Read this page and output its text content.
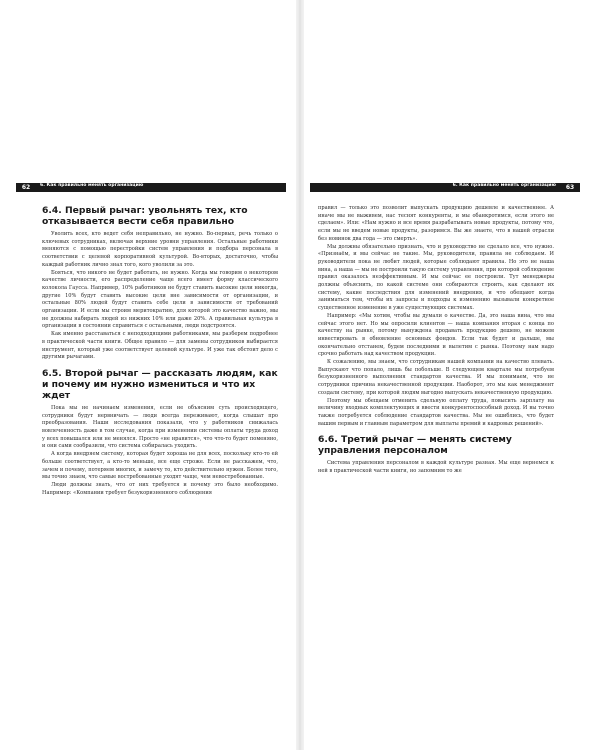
62	6. Как правильно менять организацию
6.4. Первый рычаг: увольнять тех, кто отказывается вести себя правильно

Уволить всех, кто ведет себя неправильно, не нужно. Во-первых, речь только о ключевых сотрудниках, включая верхние уровни управления. Остальные работники меняются с помощью перестройки систем управления и подбора персонала в соответствии с целевой корпоративной культурой. Во-вторых, достаточно, чтобы каждый работник лично знал того, кого уволили за это.

Бояться, что никого не будет работать, не нужно. Когда мы говорим о некотором качестве личности, его распределение чаще всего имеет форму классического колокола Гаусса. Например, 10% работников не будут ставить высокие цели никогда, другие 10% будут ставить высокие цели вне зависимости от организации, и остальные 80% людей будут ставить себе цели в зависимости от требований организации. И если мы строим меритократию, для которой это качество важно, мы не должны набирать людей из нижних 10% или даже 20%. А правильная культура в организации в состоянии справиться с остальными, люди подстроятся.

Как именно расставаться с неподходящими работниками, мы разберем подробнее в практической части книги. Общее правило — для замены сотрудников выбирается инструмент, который уже соответствует целевой культуре. И уже так обстоит дело с другими рычагами.

6.5. Второй рычаг — рассказать людям, как и почему им нужно измениться и что их ждет

Пока мы не начинаем изменения, если не объясним суть происходящего, сотрудники будут нервничать — люди всегда переживают, когда слышат про преобразования. Наши исследования показали, что у работников снижалась вовлеченность даже в том случае, когда при изменении системы оплаты труда доход у всех повышался или не менялся. Просто «не нравится», что что-то будет поменяно, и они сами сообразили, что система собиралась уходить.

А когда внедряем систему, которая будет хороша не для всех, поскольку кто-то ей больше соответствует, а кто-то меньше, все еще строже. Если не расскажем, что, зачем и почему, потеряем многих, и замечу то, кто действительно нужен. Более того, мы точно знаем, что самые востребованные уходят чаще, чем невостребованные.

Люди должны знать, что от них требуется и почему это было необходимо. Например: «Компании требует безукоризненного соблюдения

63
6. Как правильно менять организацию

правил — только это позволит выпускать продукцию дешевле и качественнее. А иначе мы не выживем, нас теснят конкуренты, и мы обанкротимся, если этого не сделаем». Или: «Нам нужно и все время разрабатывать новые продукты, потому что, если мы не введем новые продукты, разоримся. Вы же знаете, что в нашей отрасли без новинок два года — это смерть».

Мы должны обязательно признать, что и руководство не сделало все, что нужно. «Признаём, и мы сейчас не такие. Мы, руководители, правила не соблюдаем. И руководители пока не любит людей, которые соблюдают правила. Но это не наша вина, а наша — мы не построили такую систему управления, при которой соблюдение правил оказалось неэффективным. И мы сейчас ее построили. Тут менеджеры должны объяснить, по какой системе они собираются строить, как сделают их систему, какие последствия для изменений внедрения, и что обещают когда заниматься тем, чтобы их запросы и подходы к изменению вызывали конкретное существенное изменение в уже существующих системах.

Например: «Мы хотим, чтобы вы думали о качестве. Да, это наша вина, что мы сейчас этого нет. Но мы опросили клиентов — наша компания вторая с конца по качеству на рынке, потому вынуждена продавать продукцию дешево, не можем инвестировать в обновление основных фондов. Если так будет и дальше, мы окончательно отстанем, будем последними и вылетим с рынка. Поэтому нам надо срочно работать над качеством продукции.

К сожалению, мы знаем, что сотрудникам нашей компании на качество плевать. Выпускают что попало, лишь бы побольше. В следующем квартале мы потребуем безукоризненного выполнения стандартов качества. И мы понимаем, что не сотрудники причина некачественной продукции. Наоборот, это мы как менеджмент создали систему, при которой людям выгодно выпускать некачественную продукцию.

Поэтому мы обещаем отменить сдельную оплату труда, повысить зарплату на величину входных комплектующих и ввести конкурентоспособный доход. И вы точно также потребуется соблюдение стандартов качества. Мы не ошиблись, что будет вашим первым и главным параметром для выплаты премий и кадровых решений».

6.6. Третий рычаг — менять систему управления персоналом

Система управления персоналом в каждой культуре разная. Мы еще вернемся к ней в практической части книги, но запомним то же
